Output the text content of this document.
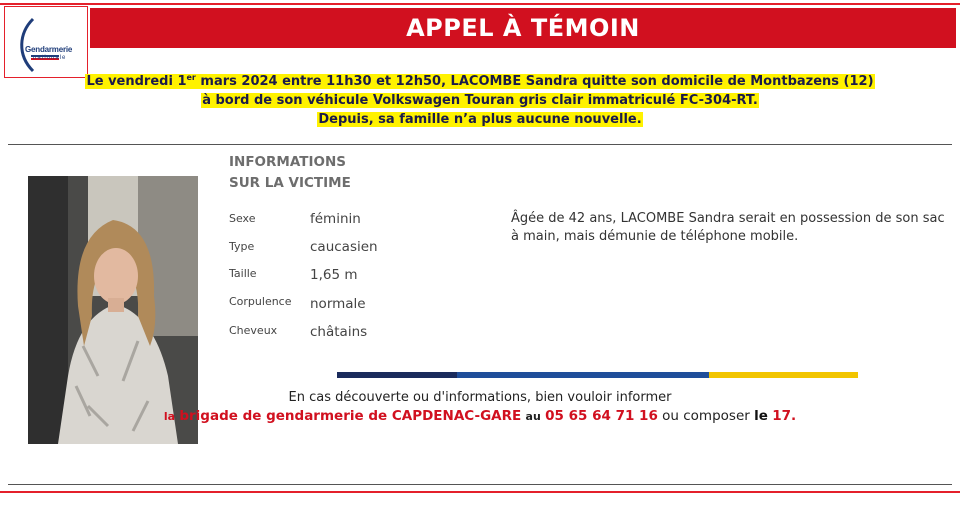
Gendarmerie
nationale
APPEL À TÉMOIN
Le vendredi 1er mars 2024 entre 11h30 et 12h50, LACOMBE Sandra quitte son domicile de Montbazens (12)
à bord de son véhicule Volkswagen Touran gris clair immatriculé FC-304-RT.
Depuis, sa famille n’a plus aucune nouvelle.
INFORMATIONS
SUR LA VICTIME
Sexe	féminin
Type	caucasien
Taille	1,65 m
Corpulence normale
Cheveux châtains
Âgée de 42 ans, LACOMBE Sandra serait en possession de son sac à main, mais démunie de téléphone mobile.
En cas découverte ou d'informations, bien vouloir informer
la brigade de gendarmerie de CAPDENAC-GARE au 05 65 64 71 16 ou composer le 17.
